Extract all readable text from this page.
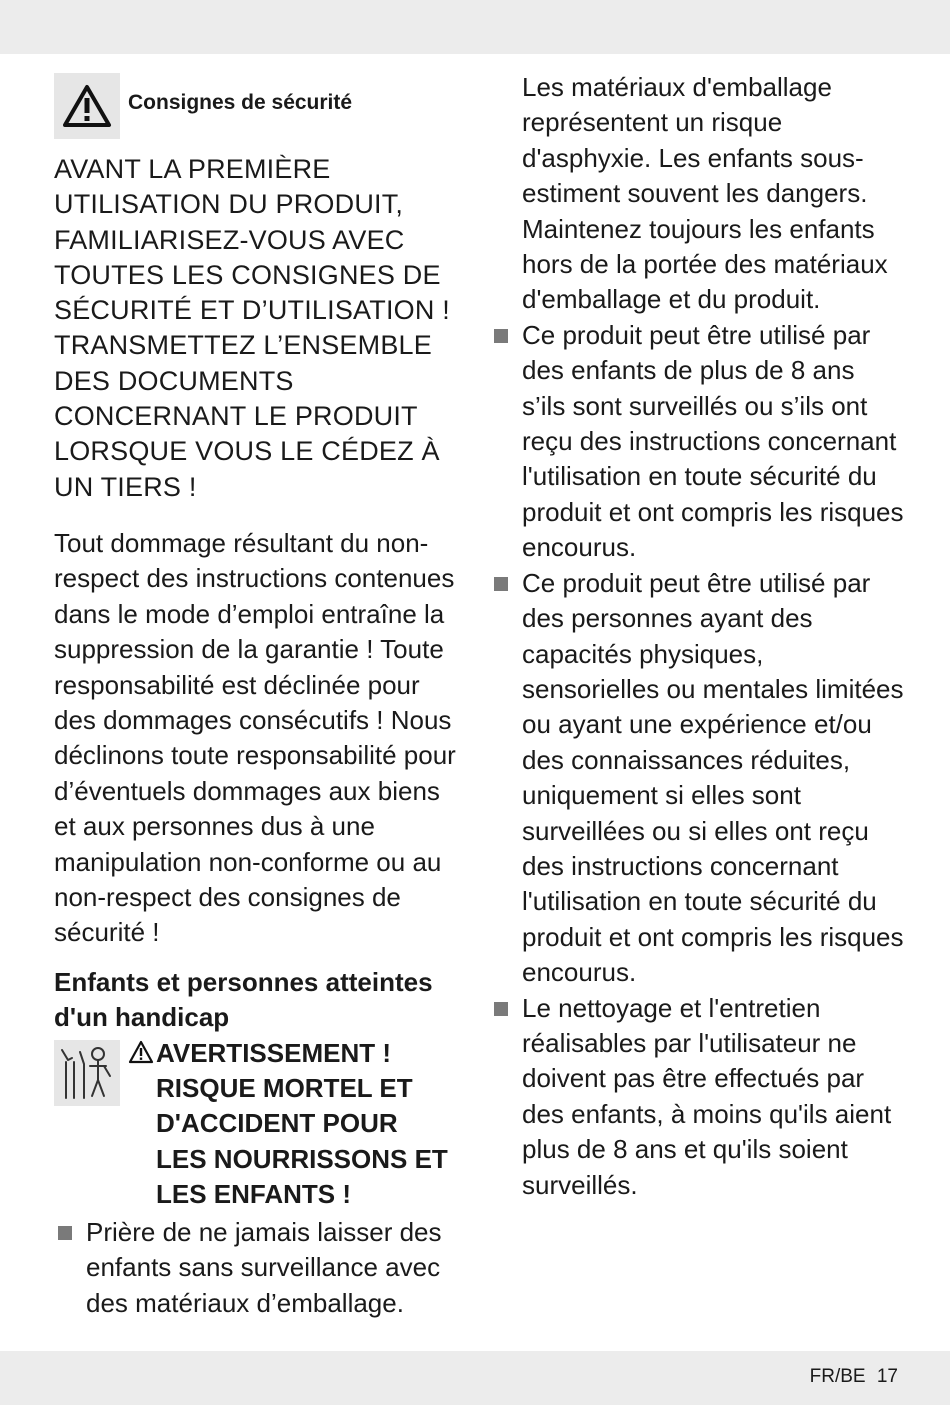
Consignes de sécurité
AVANT LA PREMIÈRE UTILISATION DU PRODUIT, FAMILIARISEZ-VOUS AVEC TOUTES LES CONSIGNES DE SÉCURITÉ ET D’UTILISATION ! TRANSMETTEZ L’ENSEMBLE DES DOCUMENTS CONCERNANT LE PRODUIT LORSQUE VOUS LE CÉDEZ À UN TIERS !
Tout dommage résultant du non-respect des instructions contenues dans le mode d’emploi entraîne la suppression de la garantie ! Toute responsabilité est déclinée pour des dommages consécutifs ! Nous déclinons toute responsabilité pour d’éventuels dommages aux biens et aux personnes dus à une manipulation non-conforme ou au non-respect des consignes de sécurité !
Enfants et personnes atteintes d'un handicap
AVERTISSEMENT ! RISQUE MORTEL ET D'ACCIDENT POUR LES NOURRISSONS ET LES ENFANTS !
Prière de ne jamais laisser des enfants sans surveillance avec des matériaux d’emballage.
Les matériaux d'emballage représentent un risque d'asphyxie. Les enfants sous-estiment souvent les dangers. Maintenez toujours les enfants hors de la portée des matériaux d'emballage et du produit.
Ce produit peut être utilisé par des enfants de plus de 8 ans s’ils sont surveillés ou s’ils ont reçu des instructions concernant l'utilisation en toute sécurité du produit et ont compris les risques encourus.
Ce produit peut être utilisé par des personnes ayant des capacités physiques, sensorielles ou mentales limitées ou ayant une expérience et/ou des connaissances réduites, uniquement si elles sont surveillées ou si elles ont reçu des instructions concernant l'utilisation en toute sécurité du produit et ont compris les risques encourus.
Le nettoyage et l'entretien réalisables par l'utilisateur ne doivent pas être effectués par des enfants, à moins qu'ils aient plus de 8 ans et qu'ils soient surveillés.
FR/BE 17
